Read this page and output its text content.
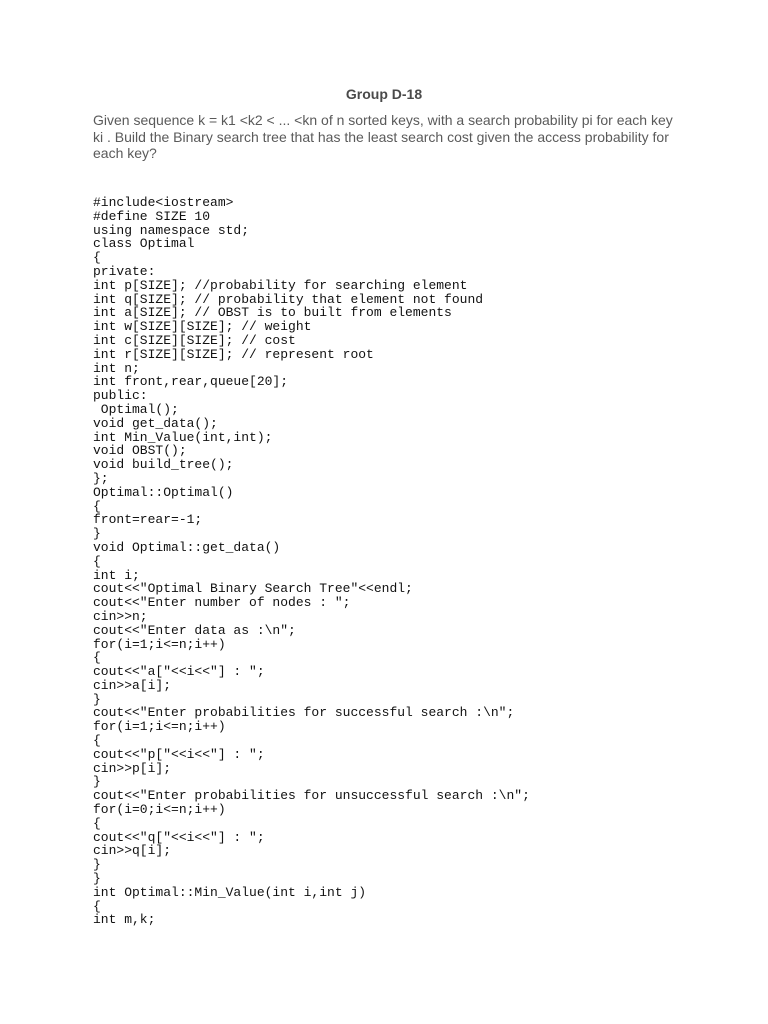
Group D-18

Given sequence k = k1 <k2 < ... <kn of n sorted keys, with a search probability pi for each key ki . Build the Binary search tree that has the least search cost given the access probability for each key?

#include<iostream>
#define SIZE 10
using namespace std;
class Optimal
{
private:
int p[SIZE]; //probability for searching element
int q[SIZE]; // probability that element not found
int a[SIZE]; // OBST is to built from elements
int w[SIZE][SIZE]; // weight
int c[SIZE][SIZE]; // cost
int r[SIZE][SIZE]; // represent root
int n;
int front,rear,queue[20];
public:
Optimal();
void get_data();
int Min_Value(int,int);
void OBST();
void build_tree();
};
Optimal::Optimal()
{
front=rear=-1;
}
void Optimal::get_data()
{
int i;
cout<<"Optimal Binary Search Tree"<<endl;
cout<<"Enter number of nodes : ";
cin>>n;
cout<<"Enter data as :\n";
for(i=1;i<=n;i++)
{
cout<<"a["<<i<<"] : ";
cin>>a[i];
}
cout<<"Enter probabilities for successful search :\n";
for(i=1;i<=n;i++)
{
cout<<"p["<<i<<"] : ";
cin>>p[i];
}
cout<<"Enter probabilities for unsuccessful search :\n";
for(i=0;i<=n;i++)
{
cout<<"q["<<i<<"] : ";
cin>>q[i];
}
}
int Optimal::Min_Value(int i,int j)
{
int m,k;
